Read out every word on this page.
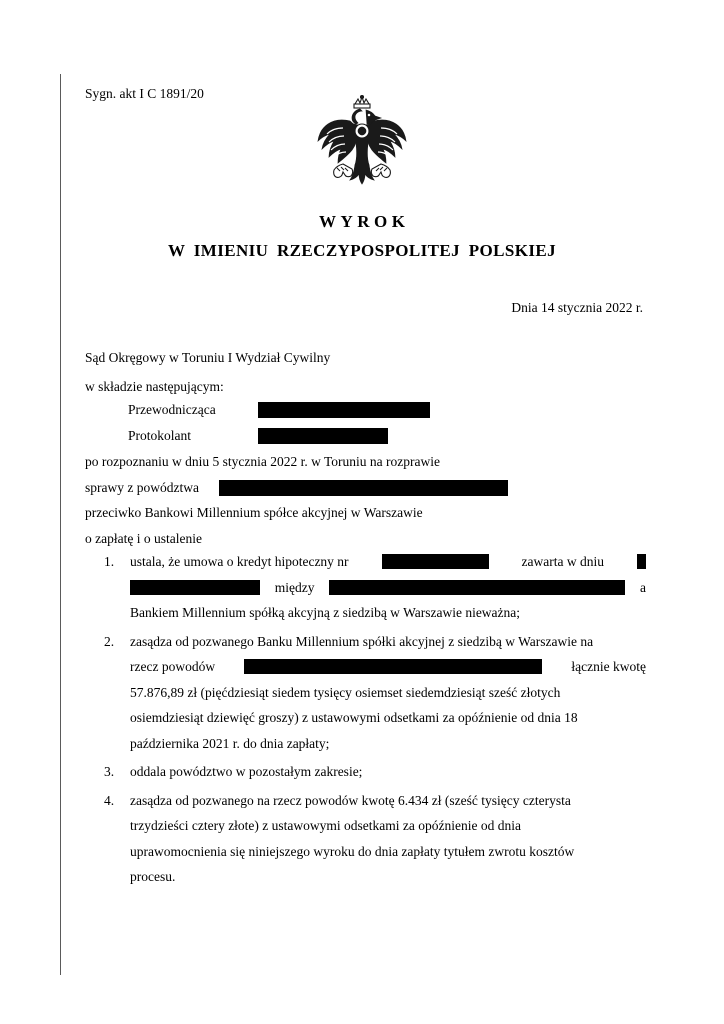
Sygn. akt I C 1891/20
WYROK
W IMIENIU RZECZYPOSPOLITEJ POLSKIEJ
Dnia 14 stycznia 2022 r.
Sąd Okręgowy w Toruniu I Wydział Cywilny
w składzie następującym:
Przewodnicząca
Protokolant
po rozpoznaniu w dniu 5 stycznia 2022 r. w Toruniu na rozprawie
sprawy z powództwa
przeciwko Bankowi Millennium spółce akcyjnej w Warszawie
o zapłatę i o ustalenie
1.	ustala, że umowa o kredyt hipoteczny nr	zawarta w dniu
między	a
Bankiem Millennium spółką akcyjną z siedzibą w Warszawie nieważna;
2.	zasądza od pozwanego Banku Millennium spółki akcyjnej z siedzibą w Warszawie na
rzecz powodów	łącznie kwotę
57.876,89 zł (pięćdziesiąt siedem tysięcy osiemset siedemdziesiąt sześć złotych
osiemdziesiąt dziewięć groszy) z ustawowymi odsetkami za opóźnienie od dnia 18
października 2021 r. do dnia zapłaty;
3.	oddala powództwo w pozostałym zakresie;
4.	zasądza od pozwanego na rzecz powodów kwotę 6.434 zł (sześć tysięcy czterysta
trzydzieści cztery złote) z ustawowymi odsetkami za opóźnienie od dnia
uprawomocnienia się niniejszego wyroku do dnia zapłaty tytułem zwrotu kosztów
procesu.
